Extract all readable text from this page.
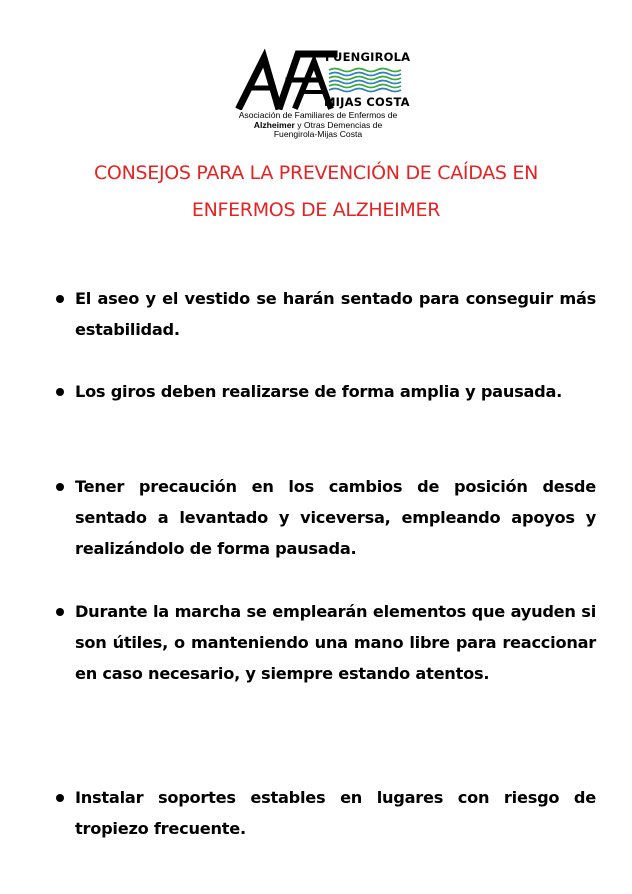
FUENGIROLA
MIJAS COSTA
Asociación de Familiares de Enfermos de
Alzheimer y Otras Demencias de
Fuengirola-Mijas Costa
CONSEJOS PARA LA PREVENCIÓN DE CAÍDAS EN
ENFERMOS DE ALZHEIMER
El aseo y el vestido se harán sentado para conseguir más estabilidad.
Los giros deben realizarse de forma amplia y pausada.
Tener precaución en los cambios de posición desde sentado a levantado y viceversa, empleando apoyos y realizándolo de forma pausada.
Durante la marcha se emplearán elementos que ayuden si son útiles, o manteniendo una mano libre para reaccionar en caso necesario, y siempre estando atentos.
Instalar soportes estables en lugares con riesgo de tropiezo frecuente.
